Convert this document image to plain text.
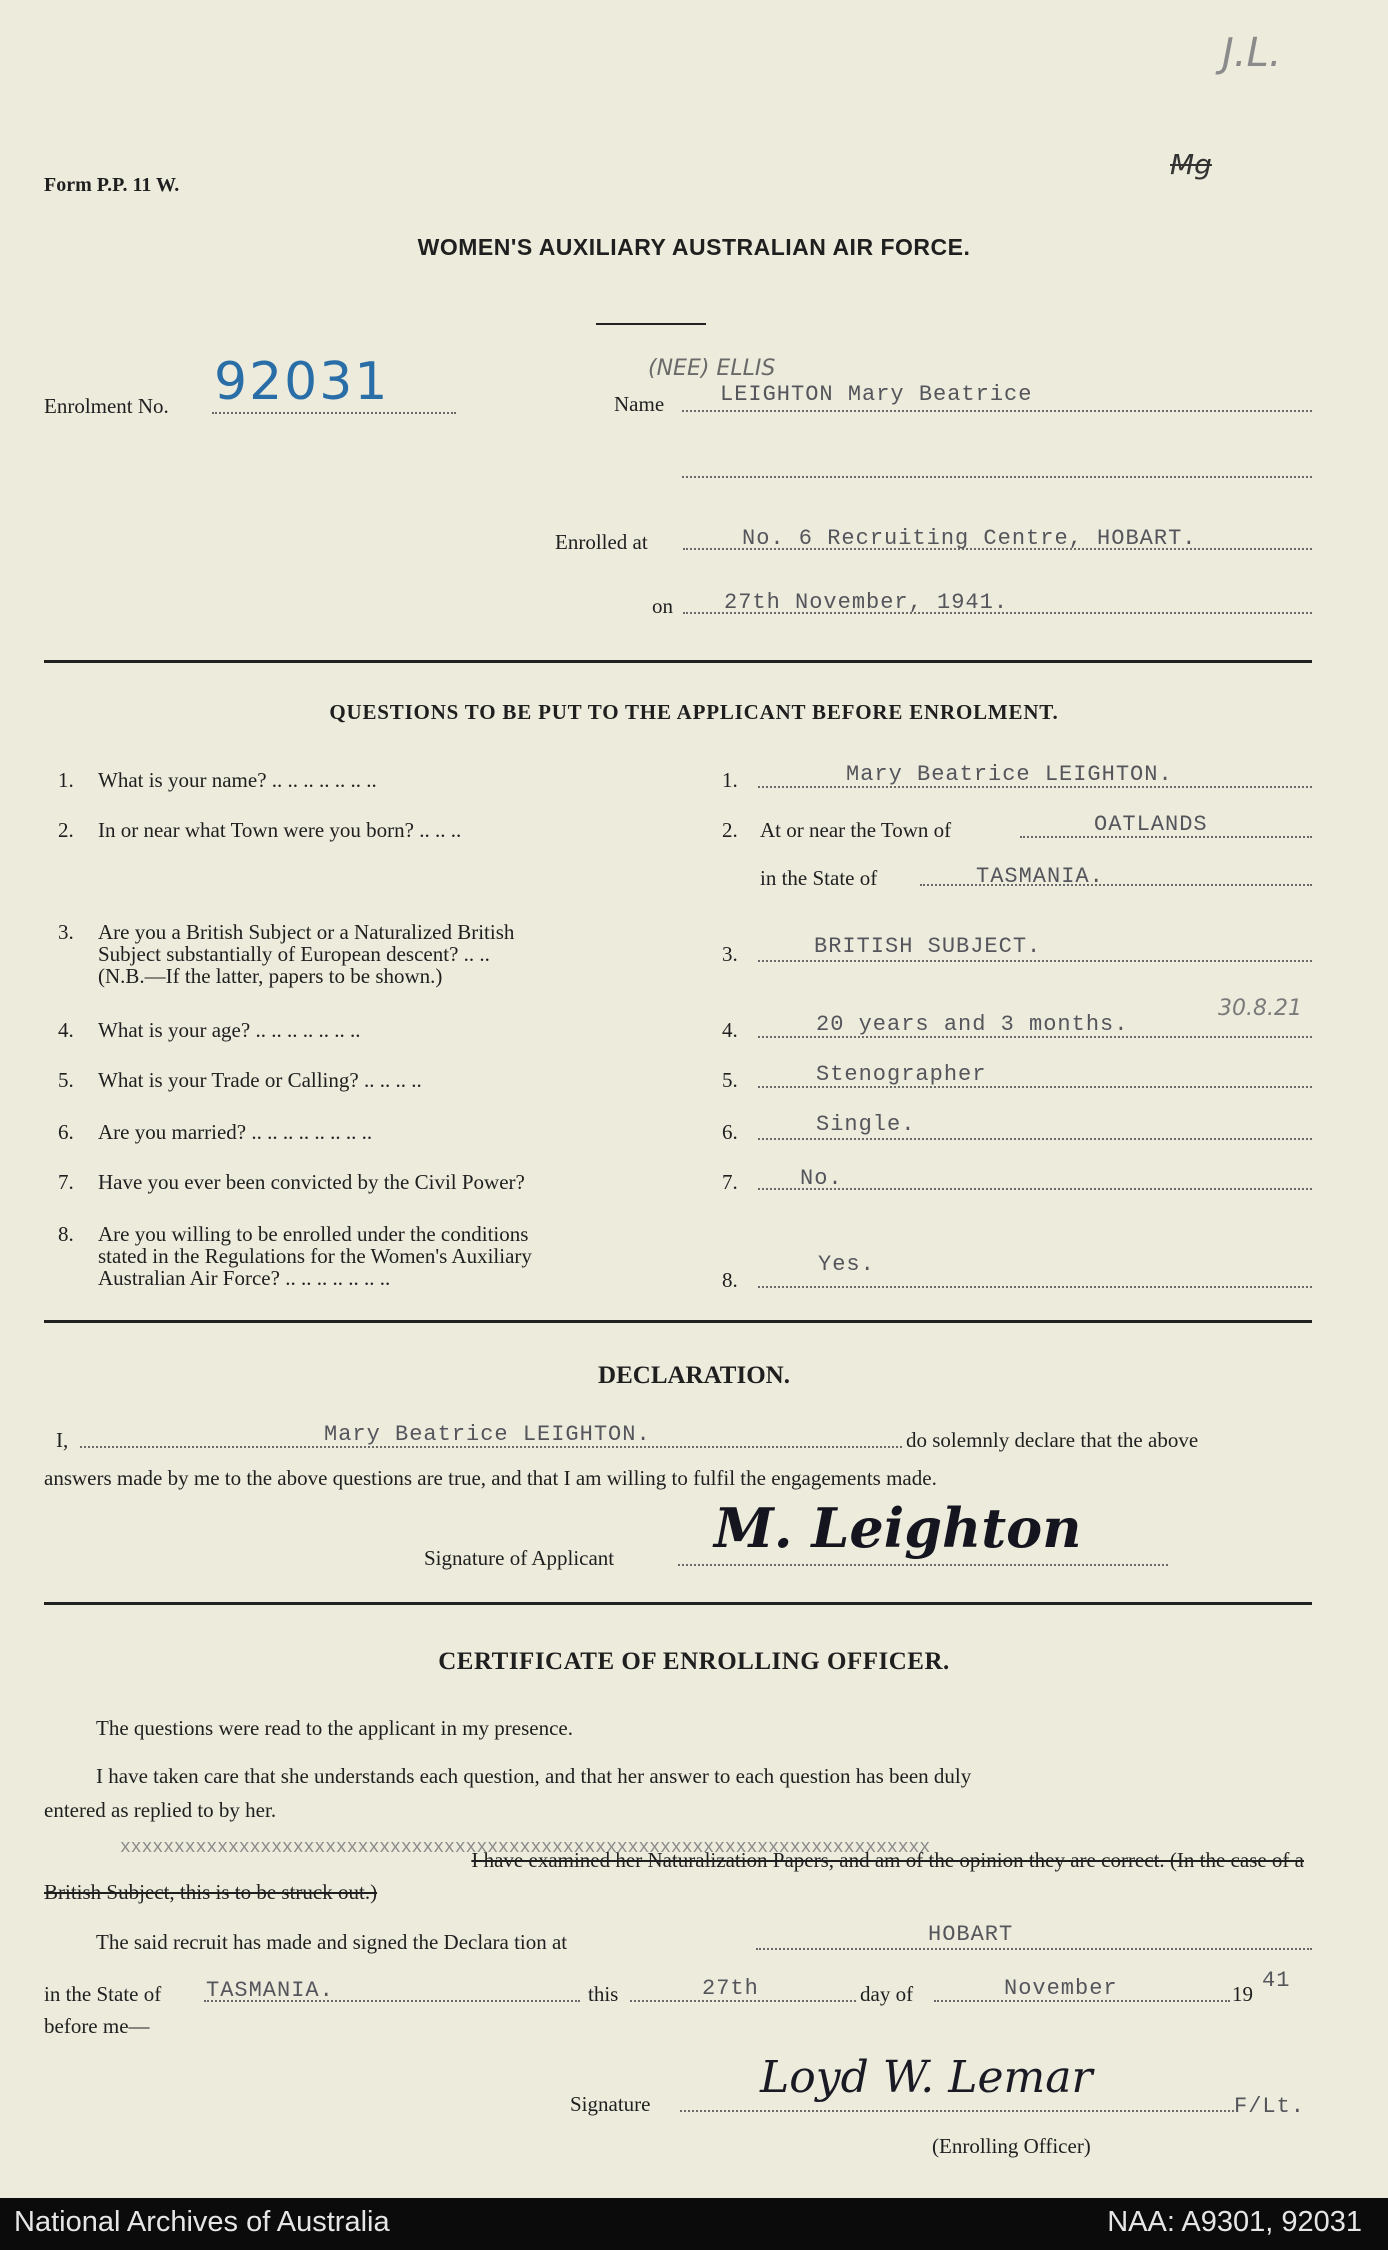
Form P.P. 11 W.
J.L.
Mg
WOMEN'S AUXILIARY AUSTRALIAN AIR FORCE.
Enrolment No. 92031	Name
(NEE) ELLIS
LEIGHTON Mary Beatrice
Enrolled at	No. 6 Recruiting Centre, HOBART.
on 27th November, 1941.
QUESTIONS TO BE PUT TO THE APPLICANT BEFORE ENROLMENT.
1. What is your name? .. .. .. .. .. .. ..	1.	Mary Beatrice LEIGHTON.
2. In or near what Town were you born? .. .. ..	2. At or near the Town of	OATLANDS
in the State of	TASMANIA.
3. Are you a British Subject or a Naturalized British
Subject substantially of European descent? .. ..
(N.B.—If the latter, papers to be shown.)
3.	BRITISH SUBJECT.
4. What is your age? .. .. .. .. .. .. ..	4.	20 years and 3 months.
30.8.21
5. What is your Trade or Calling? .. .. .. ..	5.	Stenographer
6. Are you married? .. .. .. .. .. .. .. ..	6.	Single.
7. Have you ever been convicted by the Civil Power?	7.	No.
8. Are you willing to be enrolled under the conditions
stated in the Regulations for the Women's Auxiliary
Australian Air Force? .. .. .. .. .. .. ..	8.
Yes.
DECLARATION.
I,	Mary Beatrice LEIGHTON.	do solemnly declare that the above
answers made by me to the above questions are true, and that I am willing to fulfil the engagements made.
Signature of Applicant M. Leighton
CERTIFICATE OF ENROLLING OFFICER.
The questions were read to the applicant in my presence.
I have taken care that she understands each question, and that her answer to each question has been duly
entered as replied to by her.
I have examined her Naturalization Papers, and am of the opinion they are correct. (In the case of a
xxxxxxxxxxxxxxxxxxxxxxxxxxxxxxxxxxxxxxxxxxxxxxxxxxxxxxxxxxxxxxxxxxxxxxxxxxx
British Subject, this is to be struck out.)
The said recruit has made and signed the Declara tion at	HOBART
in the State of TASMANIA.	this	27th	day of	November	19
41
before me—
Signature
Loyd W. Lemar
F/Lt.
(Enrolling Officer)
National Archives of Australia	NAA: A9301, 92031
